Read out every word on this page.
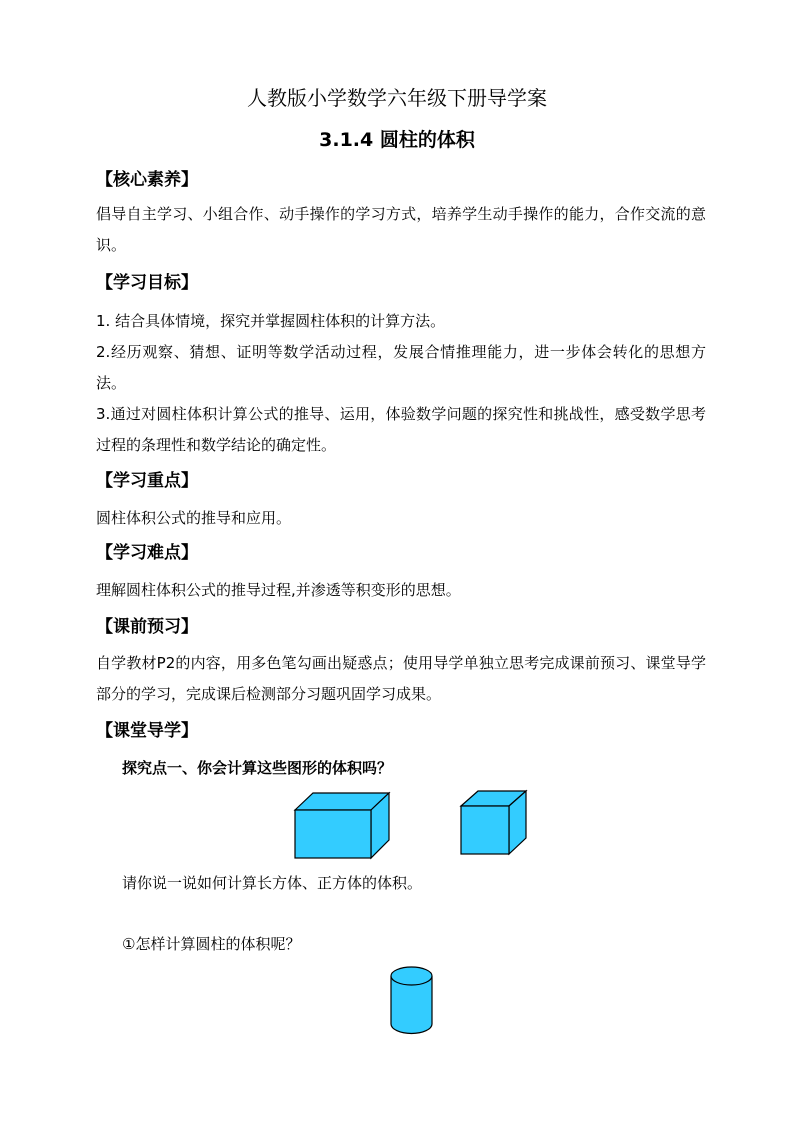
人教版小学数学六年级下册导学案
3.1.4 圆柱的体积
【核心素养】
倡导自主学习、小组合作、动手操作的学习方式，培养学生动手操作的能力，合作交流的意识。
【学习目标】
1. 结合具体情境，探究并掌握圆柱体积的计算方法。
2.经历观察、猜想、证明等数学活动过程，发展合情推理能力，进一步体会转化的思想方法。
3.通过对圆柱体积计算公式的推导、运用，体验数学问题的探究性和挑战性，感受数学思考过程的条理性和数学结论的确定性。
【学习重点】
圆柱体积公式的推导和应用。
【学习难点】
理解圆柱体积公式的推导过程,并渗透等积变形的思想。
【课前预习】
自学教材P2的内容，用多色笔勾画出疑惑点；使用导学单独立思考完成课前预习、课堂导学部分的学习，完成课后检测部分习题巩固学习成果。
【课堂导学】
探究点一、你会计算这些图形的体积吗？
请你说一说如何计算长方体、正方体的体积。
①怎样计算圆柱的体积呢？
